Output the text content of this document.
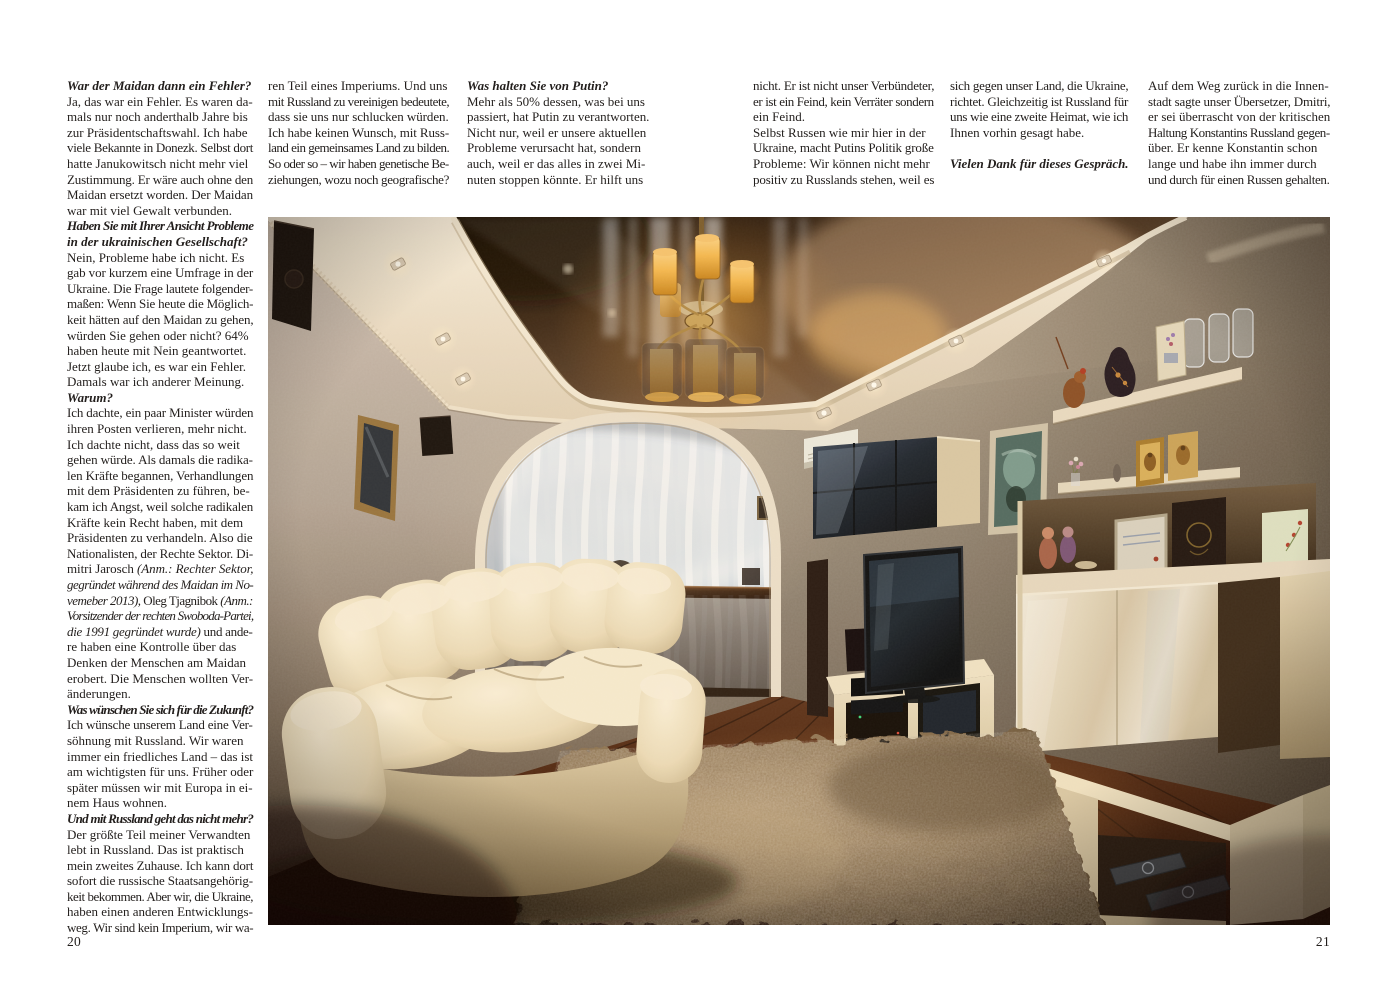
War der Maidan dann ein Fehler?
Ja, das war ein Fehler. Es waren da-
mals nur noch anderthalb Jahre bis
zur Präsidentschaftswahl. Ich habe
viele Bekannte in Donezk. Selbst dort
hatte Janukowitsch nicht mehr viel
Zustimmung. Er wäre auch ohne den
Maidan ersetzt worden. Der Maidan
war mit viel Gewalt verbunden.
Haben Sie mit Ihrer Ansicht Probleme
in der ukrainischen Gesellschaft?
Nein, Probleme habe ich nicht. Es
gab vor kurzem eine Umfrage in der
Ukraine. Die Frage lautete folgender-
maßen: Wenn Sie heute die Möglich-
keit hätten auf den Maidan zu gehen,
würden Sie gehen oder nicht? 64%
haben heute mit Nein geantwortet.
Jetzt glaube ich, es war ein Fehler.
Damals war ich anderer Meinung.
Warum?
Ich dachte, ein paar Minister würden
ihren Posten verlieren, mehr nicht.
Ich dachte nicht, dass das so weit
gehen würde. Als damals die radika-
len Kräfte begannen, Verhandlungen
mit dem Präsidenten zu führen, be-
kam ich Angst, weil solche radikalen
Kräfte kein Recht haben, mit dem
Präsidenten zu verhandeln. Also die
Nationalisten, der Rechte Sektor. Di-
mitri Jarosch (Anm.: Rechter Sektor,
gegründet während des Maidan im No-
vemeber 2013), Oleg Tjagnibok (Anm.:
Vorsitzender der rechten Swoboda-Partei,
die 1991 gegründet wurde) und ande-
re haben eine Kontrolle über das
Denken der Menschen am Maidan
erobert. Die Menschen wollten Ver-
änderungen.
Was wünschen Sie sich für die Zukunft?
Ich wünsche unserem Land eine Ver-
söhnung mit Russland. Wir waren
immer ein friedliches Land – das ist
am wichtigsten für uns. Früher oder
später müssen wir mit Europa in ei-
nem Haus wohnen.
Und mit Russland geht das nicht mehr?
Der größte Teil meiner Verwandten
lebt in Russland. Das ist praktisch
mein zweites Zuhause. Ich kann dort
sofort die russische Staatsangehörig-
keit bekommen. Aber wir, die Ukraine,
haben einen anderen Entwicklungs-
weg. Wir sind kein Imperium, wir wa-
ren Teil eines Imperiums. Und uns
mit Russland zu vereinigen bedeutete,
dass sie uns nur schlucken würden.
Ich habe keinen Wunsch, mit Russ-
land ein gemeinsames Land zu bilden.
So oder so – wir haben genetische Be-
ziehungen, wozu noch geografische?
Was halten Sie von Putin?
Mehr als 50% dessen, was bei uns
passiert, hat Putin zu verantworten.
Nicht nur, weil er unsere aktuellen
Probleme verursacht hat, sondern
auch, weil er das alles in zwei Mi-
nuten stoppen könnte. Er hilft uns
nicht. Er ist nicht unser Verbündeter,
er ist ein Feind, kein Verräter sondern
ein Feind.
Selbst Russen wie mir hier in der
Ukraine, macht Putins Politik große
Probleme: Wir können nicht mehr
positiv zu Russlands stehen, weil es
sich gegen unser Land, die Ukraine,
richtet. Gleichzeitig ist Russland für
uns wie eine zweite Heimat, wie ich
Ihnen vorhin gesagt habe.
Vielen Dank für dieses Gespräch.
Auf dem Weg zurück in die Innen-
stadt sagte unser Übersetzer, Dmitri,
er sei überrascht von der kritischen
Haltung Konstantins Russland gegen-
über. Er kenne Konstantin schon
lange und habe ihn immer durch
und durch für einen Russen gehalten.
20	21
